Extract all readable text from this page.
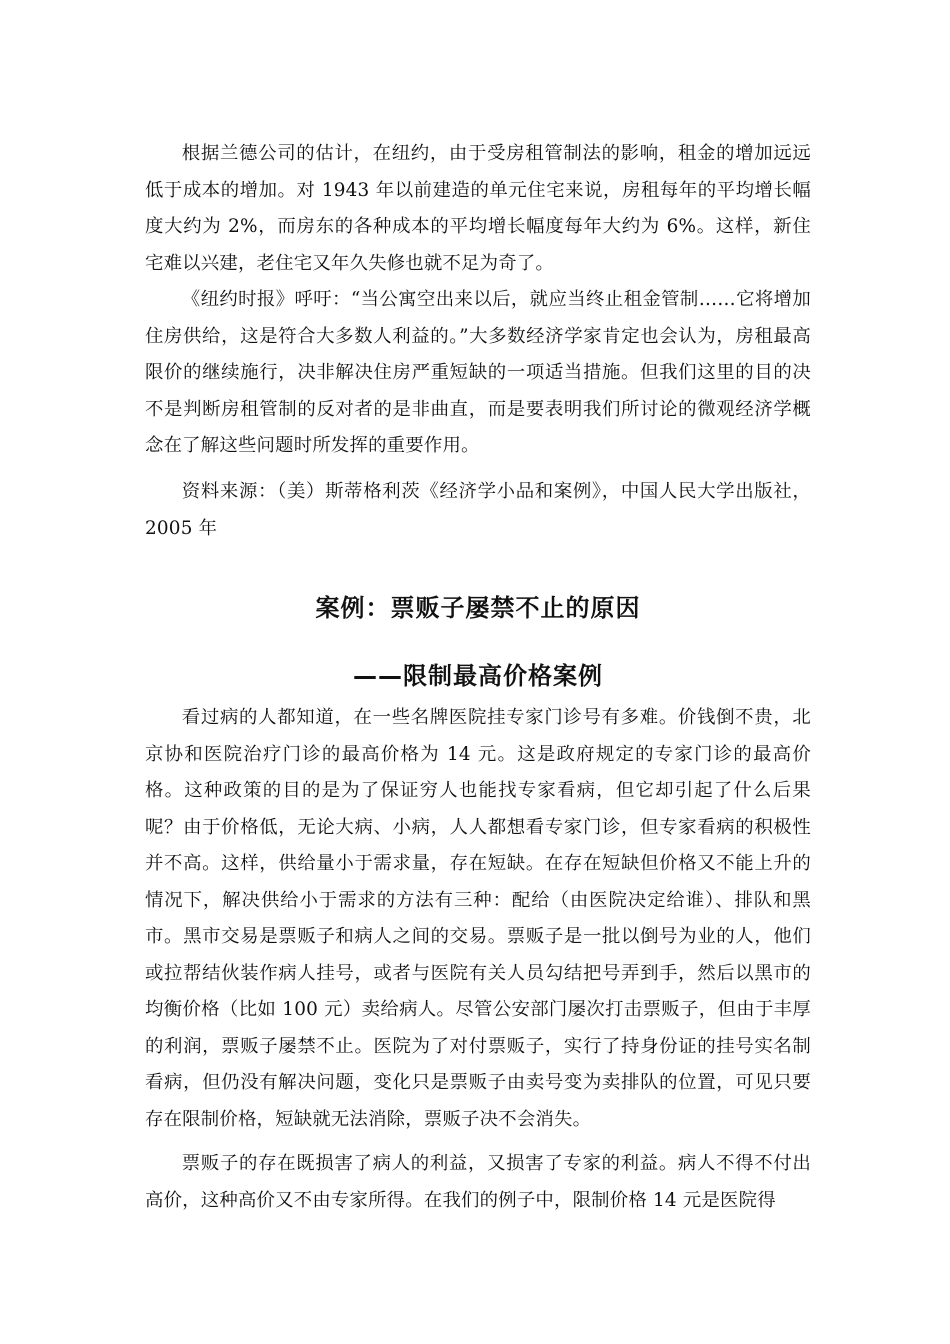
根据兰德公司的估计，在纽约，由于受房租管制法的影响，租金的增加远远低于成本的增加。对 1943 年以前建造的单元住宅来说，房租每年的平均增长幅度大约为 2%，而房东的各种成本的平均增长幅度每年大约为 6%。这样，新住宅难以兴建，老住宅又年久失修也就不足为奇了。

《纽约时报》呼吁：“当公寓空出来以后，就应当终止租金管制……它将增加住房供给，这是符合大多数人利益的。”大多数经济学家肯定也会认为，房租最高限价的继续施行，决非解决住房严重短缺的一项适当措施。但我们这里的目的决不是判断房租管制的反对者的是非曲直，而是要表明我们所讨论的微观经济学概念在了解这些问题时所发挥的重要作用。

资料来源：（美）斯蒂格利茨《经济学小品和案例》，中国人民大学出版社，2005 年

案例：票贩子屡禁不止的原因
——限制最高价格案例

看过病的人都知道，在一些名牌医院挂专家门诊号有多难。价钱倒不贵，北京协和医院治疗门诊的最高价格为 14 元。这是政府规定的专家门诊的最高价格。这种政策的目的是为了保证穷人也能找专家看病，但它却引起了什么后果呢？由于价格低，无论大病、小病，人人都想看专家门诊，但专家看病的积极性并不高。这样，供给量小于需求量，存在短缺。在存在短缺但价格又不能上升的情况下，解决供给小于需求的方法有三种：配给（由医院决定给谁）、排队和黑市。黑市交易是票贩子和病人之间的交易。票贩子是一批以倒号为业的人，他们或拉帮结伙装作病人挂号，或者与医院有关人员勾结把号弄到手，然后以黑市的均衡价格（比如 100 元）卖给病人。尽管公安部门屡次打击票贩子，但由于丰厚的利润，票贩子屡禁不止。医院为了对付票贩子，实行了持身份证的挂号实名制看病，但仍没有解决问题，变化只是票贩子由卖号变为卖排队的位置，可见只要存在限制价格，短缺就无法消除，票贩子决不会消失。

票贩子的存在既损害了病人的利益，又损害了专家的利益。病人不得不付出高价，这种高价又不由专家所得。在我们的例子中，限制价格 14 元是医院得
